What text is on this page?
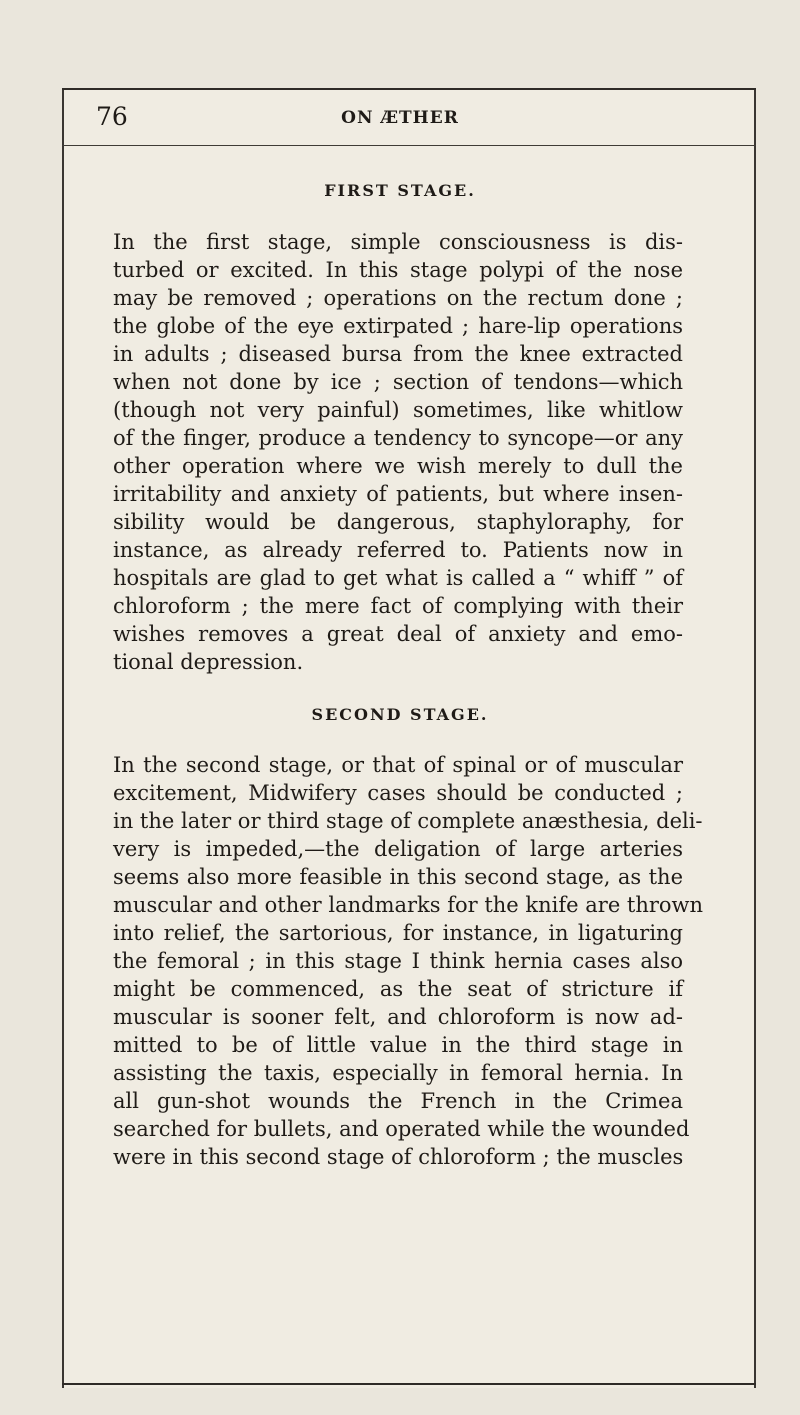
76	ON ÆTHER
FIRST STAGE.
In the first stage, simple consciousness is dis-
turbed or excited. In this stage polypi of the nose
may be removed ; operations on the rectum done ;
the globe of the eye extirpated ; hare-lip operations
in adults ; diseased bursa from the knee extracted
when not done by ice ; section of tendons—which
(though not very painful) sometimes, like whitlow
of the finger, produce a tendency to syncope—or any
other operation where we wish merely to dull the
irritability and anxiety of patients, but where insen-
sibility would be dangerous, staphyloraphy, for
instance, as already referred to. Patients now in
hospitals are glad to get what is called a “ whiff ” of
chloroform ; the mere fact of complying with their
wishes removes a great deal of anxiety and emo-
tional depression.
SECOND STAGE.
In the second stage, or that of spinal or of muscular
excitement, Midwifery cases should be conducted ;
in the later or third stage of complete anæsthesia, deli-
very is impeded,—the deligation of large arteries
seems also more feasible in this second stage, as the
muscular and other landmarks for the knife are thrown
into relief, the sartorious, for instance, in ligaturing
the femoral ; in this stage I think hernia cases also
might be commenced, as the seat of stricture if
muscular is sooner felt, and chloroform is now ad-
mitted to be of little value in the third stage in
assisting the taxis, especially in femoral hernia. In
all gun-shot wounds the French in the Crimea
searched for bullets, and operated while the wounded
were in this second stage of chloroform ; the muscles
